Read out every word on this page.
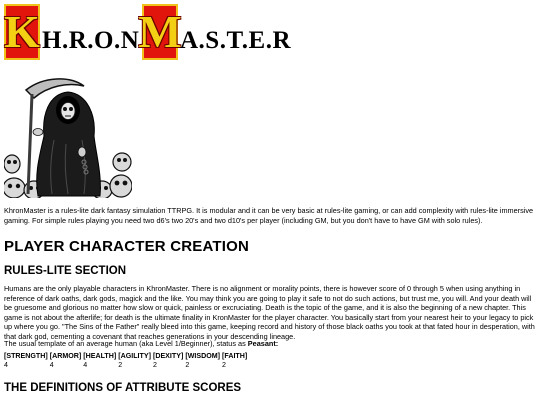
K H.R.O.N M
A.S.T.E.R

KhronMaster is a rules-lite dark fantasy simulation TTRPG. It is modular and it can be very basic at rules-lite gaming, or can add complexity with rules-lite immersive gaming. For simple rules playing you need two d6's two 20's and two d10's per player (including GM, but you don't have to have GM with solo rules).

PLAYER CHARACTER CREATION
RULES-LITE SECTION

Humans are the only playable characters in KhronMaster. There is no alignment or morality points, there is however score of 0 through 5 when using anything in reference of dark oaths, dark gods, magick and the like. You may think you are going to play it safe to not do such actions, but trust me, you will. And your death will be gruesome and glorious no matter how slow or quick, painless or excruciating. Death is the topic of the game, and it is also the beginning of a new chapter. This game is not about the afterlife; for death is the ultimate finality in KronMaster for the player character. You basically start from your nearest heir to your legacy to pick up where you go. "The Sins of the Father" really bleed into this game, keeping record and history of those black oaths you took at that fated hour in desperation, with that dark god, cementing a covenant that reaches generations in your descending lineage.

The usual template of an average human (aka Level 1/Beginner), status as Peasant:

[STRENGTH]	[ARMOR]	[HEALTH]	[AGILITY]	[DEXITY]	[WISDOM]	[FAITH]
4	4	4	2	2	2	2
THE DEFINITIONS OF ATTRIBUTE SCORES
